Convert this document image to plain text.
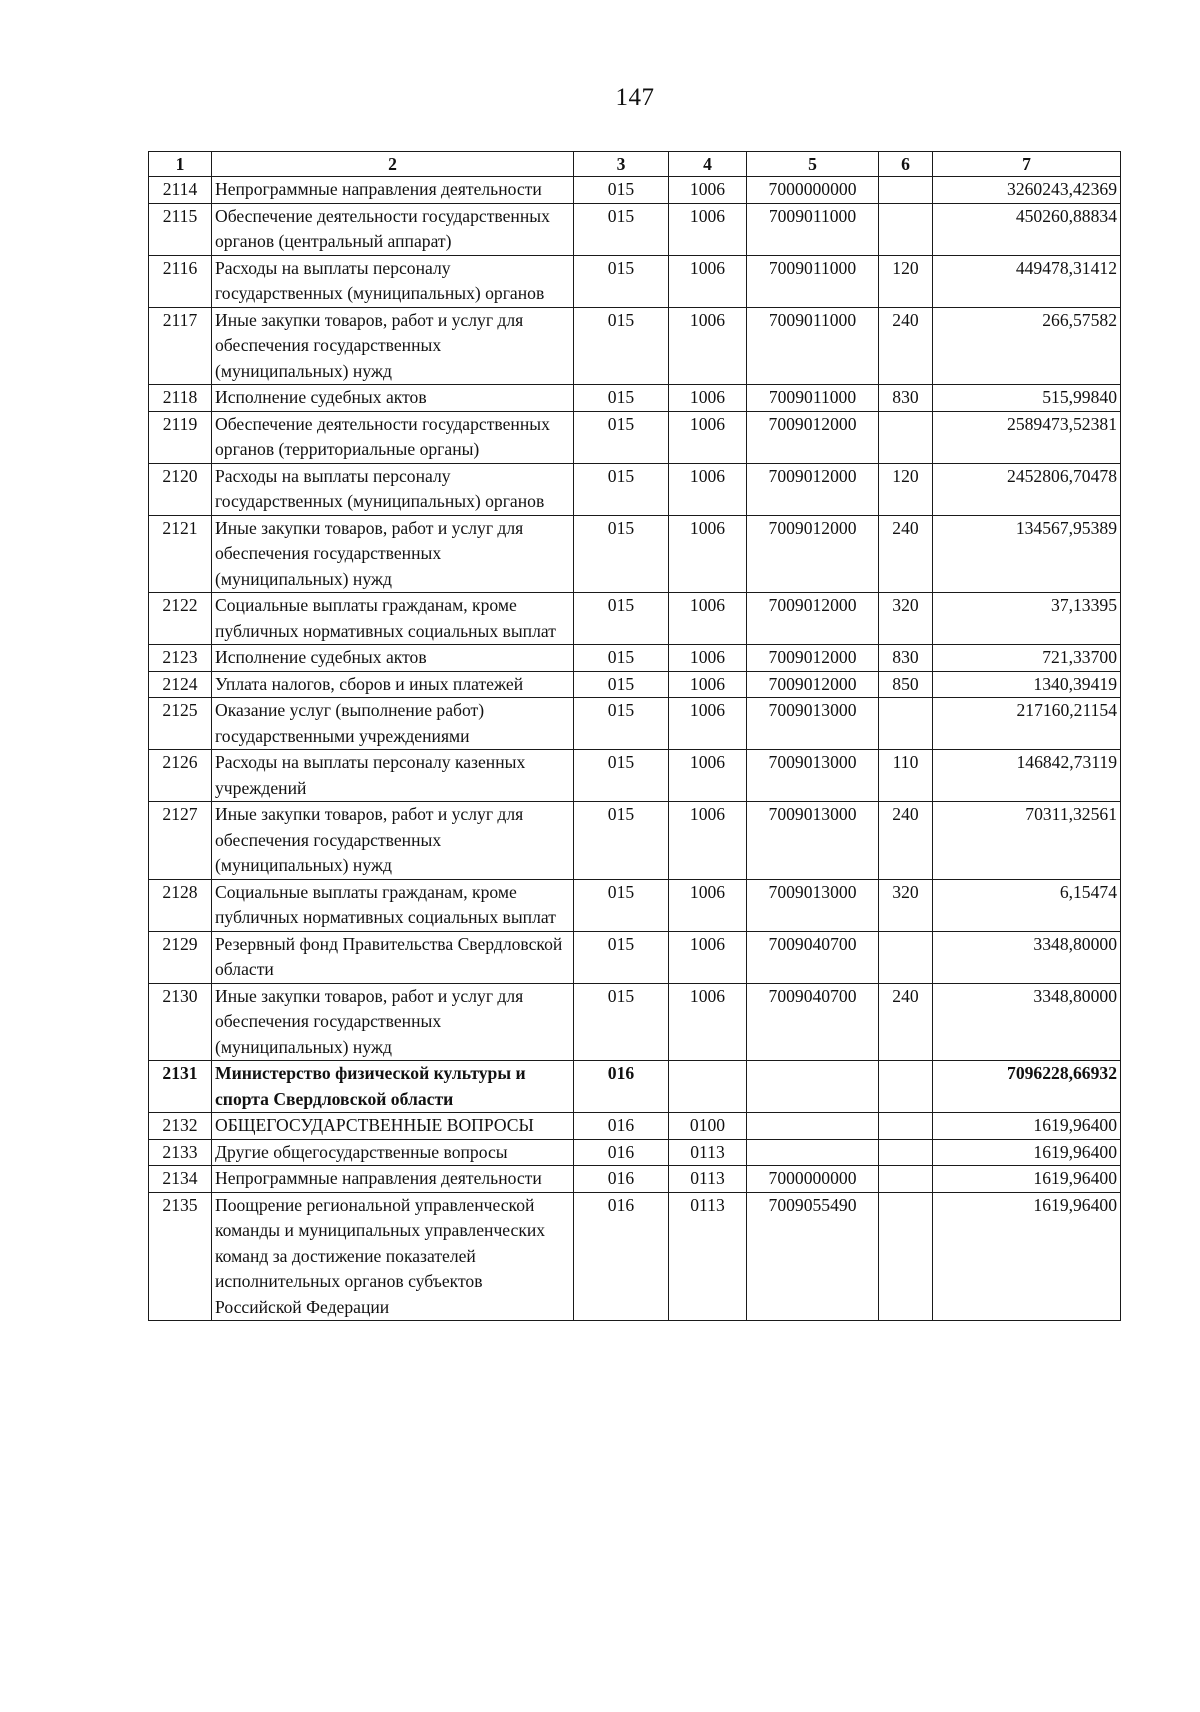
147
1	2	3	4	5	6	7
2114	Непрограммные направления деятельности	015	1006	7000000000		3260243,42369
2115	Обеспечение деятельности государственных органов (центральный аппарат)	015	1006	7009011000		450260,88834
2116	Расходы на выплаты персоналу государственных (муниципальных) органов	015	1006	7009011000	120	449478,31412
2117	Иные закупки товаров, работ и услуг для обеспечения государственных (муниципальных) нужд	015	1006	7009011000	240	266,57582
2118	Исполнение судебных актов	015	1006	7009011000	830	515,99840
2119	Обеспечение деятельности государственных органов (территориальные органы)	015	1006	7009012000		2589473,52381
2120	Расходы на выплаты персоналу государственных (муниципальных) органов	015	1006	7009012000	120	2452806,70478
2121	Иные закупки товаров, работ и услуг для обеспечения государственных (муниципальных) нужд	015	1006	7009012000	240	134567,95389
2122	Социальные выплаты гражданам, кроме публичных нормативных социальных выплат	015	1006	7009012000	320	37,13395
2123	Исполнение судебных актов	015	1006	7009012000	830	721,33700
2124	Уплата налогов, сборов и иных платежей	015	1006	7009012000	850	1340,39419
2125	Оказание услуг (выполнение работ) государственными учреждениями	015	1006	7009013000		217160,21154
2126	Расходы на выплаты персоналу казенных учреждений	015	1006	7009013000	110	146842,73119
2127	Иные закупки товаров, работ и услуг для обеспечения государственных (муниципальных) нужд	015	1006	7009013000	240	70311,32561
2128	Социальные выплаты гражданам, кроме публичных нормативных социальных выплат	015	1006	7009013000	320	6,15474
2129	Резервный фонд Правительства Свердловской области	015	1006	7009040700		3348,80000
2130	Иные закупки товаров, работ и услуг для обеспечения государственных (муниципальных) нужд	015	1006	7009040700	240	3348,80000
2131	Министерство физической культуры и спорта Свердловской области	016				7096228,66932
2132	ОБЩЕГОСУДАРСТВЕННЫЕ ВОПРОСЫ	016	0100			1619,96400
2133	Другие общегосударственные вопросы	016	0113			1619,96400
2134	Непрограммные направления деятельности	016	0113	7000000000		1619,96400
2135	Поощрение региональной управленческой команды и муниципальных управленческих команд за достижение показателей исполнительных органов субъектов Российской Федерации	016	0113	7009055490		1619,96400
